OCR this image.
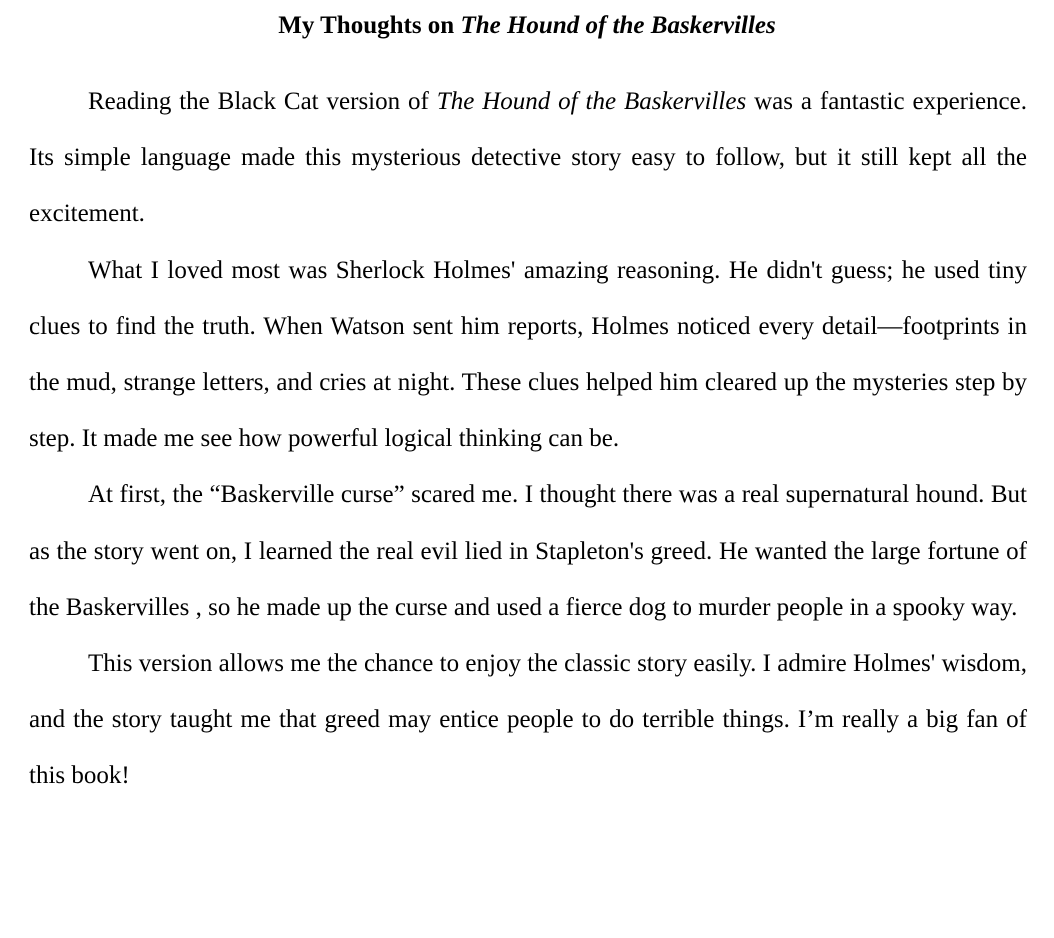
My Thoughts on The Hound of the Baskervilles

Reading the Black Cat version of The Hound of the Baskervilles was a fantastic experience. Its simple language made this mysterious detective story easy to follow, but it still kept all the excitement.

What I loved most was Sherlock Holmes' amazing reasoning. He didn't guess; he used tiny clues to find the truth. When Watson sent him reports, Holmes noticed every detail—footprints in the mud, strange letters, and cries at night. These clues helped him cleared up the mysteries step by step. It made me see how powerful logical thinking can be.

At first, the “Baskerville curse” scared me. I thought there was a real supernatural hound. But as the story went on, I learned the real evil lied in Stapleton's greed. He wanted the large fortune of the Baskervilles , so he made up the curse and used a fierce dog to murder people in a spooky way.

This version allows me the chance to enjoy the classic story easily. I admire Holmes' wisdom, and the story taught me that greed may entice people to do terrible things. I’m really a big fan of this book!
